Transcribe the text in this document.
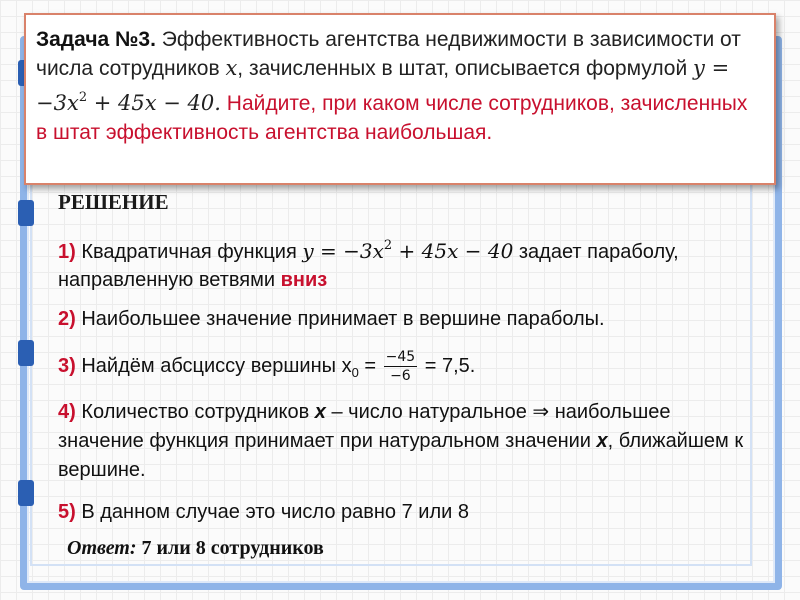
Задача №3. Эффективность агентства недвижимости в зависимости от числа сотрудников x, зачисленных в штат, описывается формулой $y = -3x^2 + 45x - 40$. Найдите, при каком числе сотрудников, зачисленных в штат эффективность агентства наибольшая.
РЕШЕНИЕ
1) Квадратичная функция $y = -3x^2 + 45x - 40$ задает параболу, направленную ветвями вниз
2) Наибольшее значение принимает в вершине параболы.
3) Найдём абсциссу вершины $x_0 = \frac{-45}{-6} = 7,5$.
4) Количество сотрудников x – число натуральное ⇒ наибольшее значение функция принимает при натуральном значении x, ближайшем к вершине.
5) В данном случае это число равно 7 или 8
Ответ: 7 или 8 сотрудников
